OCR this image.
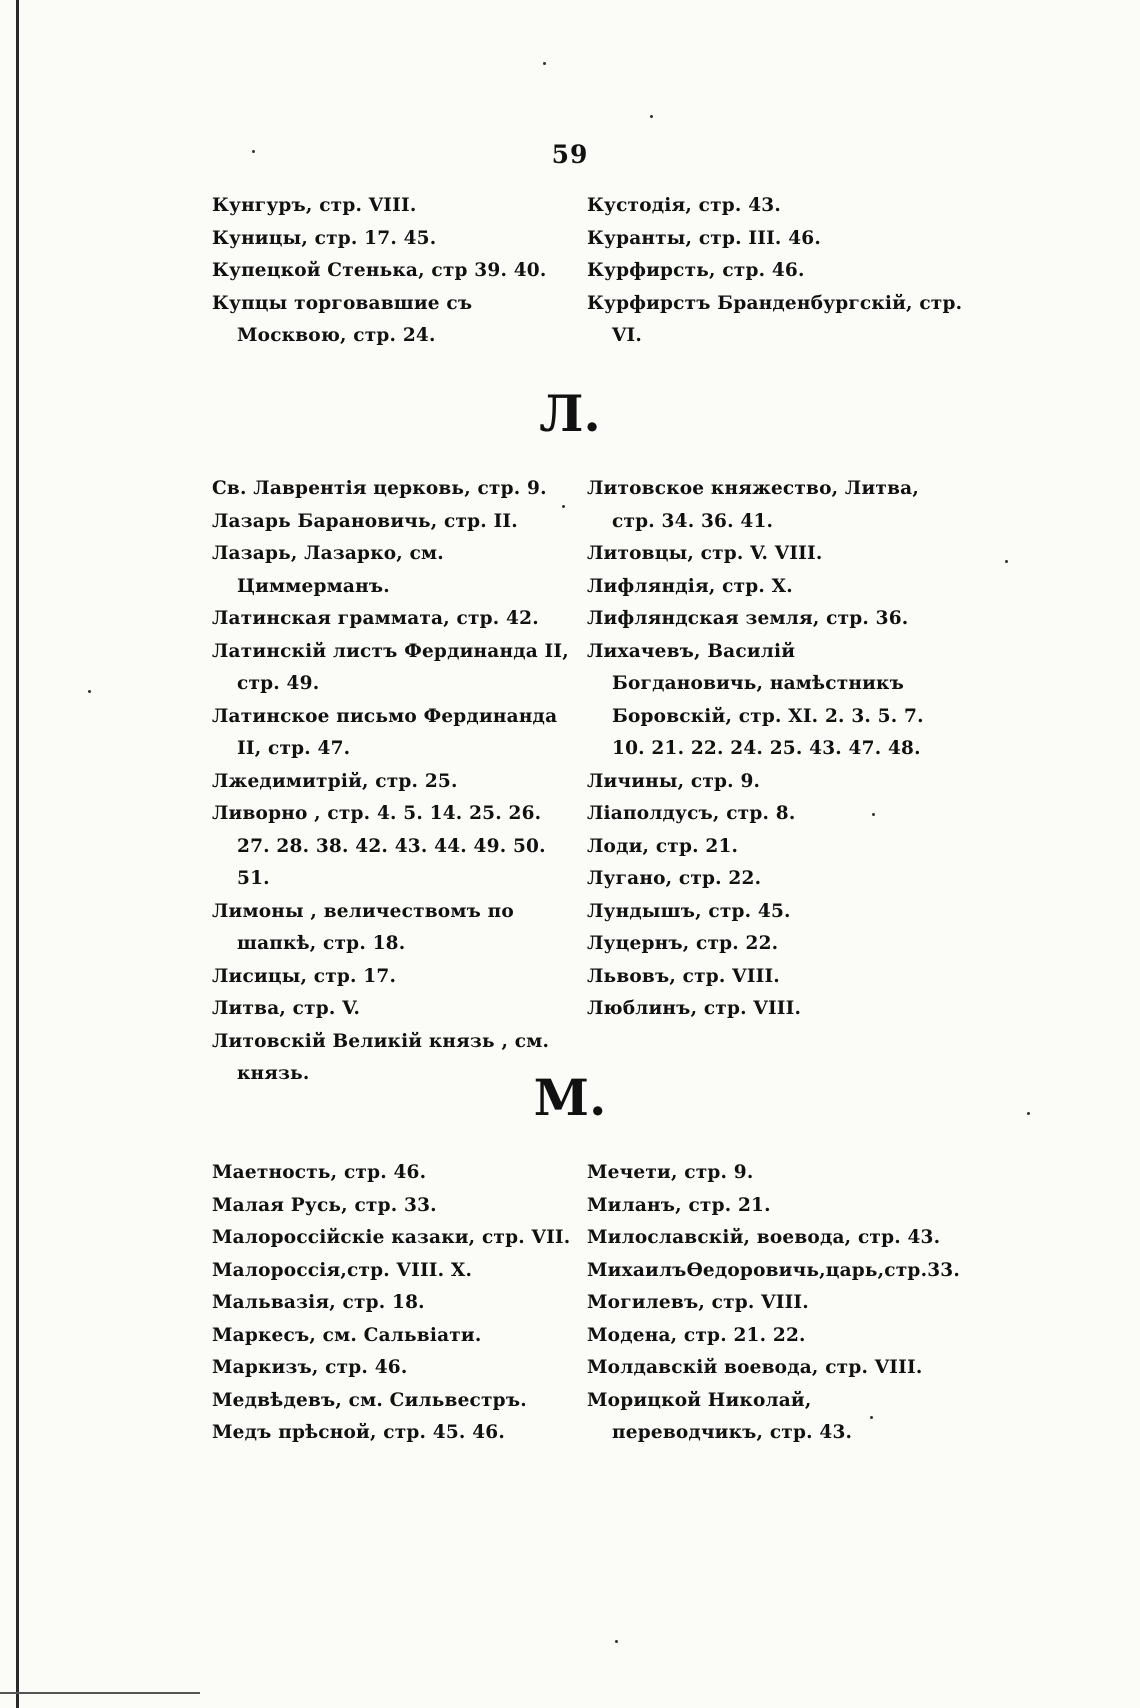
59
Кунгуръ, стр. VIII.
Куницы, стр. 17. 45.
Купецкой Стенька, стр 39. 40.
Купцы торговавшие съ Москвою, стр. 24.
Кустодія, стр. 43.
Куранты, стр. III. 46.
Курфирсть, стр. 46.
Курфирстъ Бранденбургскій, стр. VI.
Л.
Св. Лаврентія церковь, стр. 9.
Лазарь Барановичь, стр. II.
Лазарь, Лазарко, см. Циммерманъ.
Латинская граммата, стр. 42.
Латинскій листъ Фердинанда II, стр. 49.
Латинское письмо Фердинанда II, стр. 47.
Лжедимитрій, стр. 25.
Ливорно , стр. 4. 5. 14. 25. 26. 27. 28. 38. 42. 43. 44. 49. 50. 51.
Лимоны , величествомъ по шапкѣ, стр. 18.
Лисицы, стр. 17.
Литва, стр. V.
Литовскій Великій князь , см. князь.
Литовское княжество, Литва, стр. 34. 36. 41.
Литовцы, стр. V. VIII.
Лифляндія, стр. X.
Лифляндская земля, стр. 36.
Лихачевъ, Василій Богдановичь, намѣстникъ Боровскій, стр. XI. 2. 3. 5. 7. 10. 21. 22. 24. 25. 43. 47. 48.
Личины, стр. 9.
Ліаполдусъ, стр. 8.
Лоди, стр. 21.
Лугано, стр. 22.
Лундышъ, стр. 45.
Луцернъ, стр. 22.
Львовъ, стр. VIII.
Люблинъ, стр. VIII.
М.
Маетность, стр. 46.
Малая Русь, стр. 33.
Малороссійскіе казаки, стр. VII.
Малороссія,стр. VIII. X.
Мальвазія, стр. 18.
Маркесъ, см. Сальвіати.
Маркизъ, стр. 46.
Медвѣдевъ, см. Сильвестръ.
Медъ прѣсной, стр. 45. 46.
Мечети, стр. 9.
Миланъ, стр. 21.
Милославскій, воевода, стр. 43.
МихаилъѲедоровичь,царь,стр.33.
Могилевъ, стр. VIII.
Модена, стр. 21. 22.
Молдавскій воевода, стр. VIII.
Морицкой Николай, переводчикъ, стр. 43.
